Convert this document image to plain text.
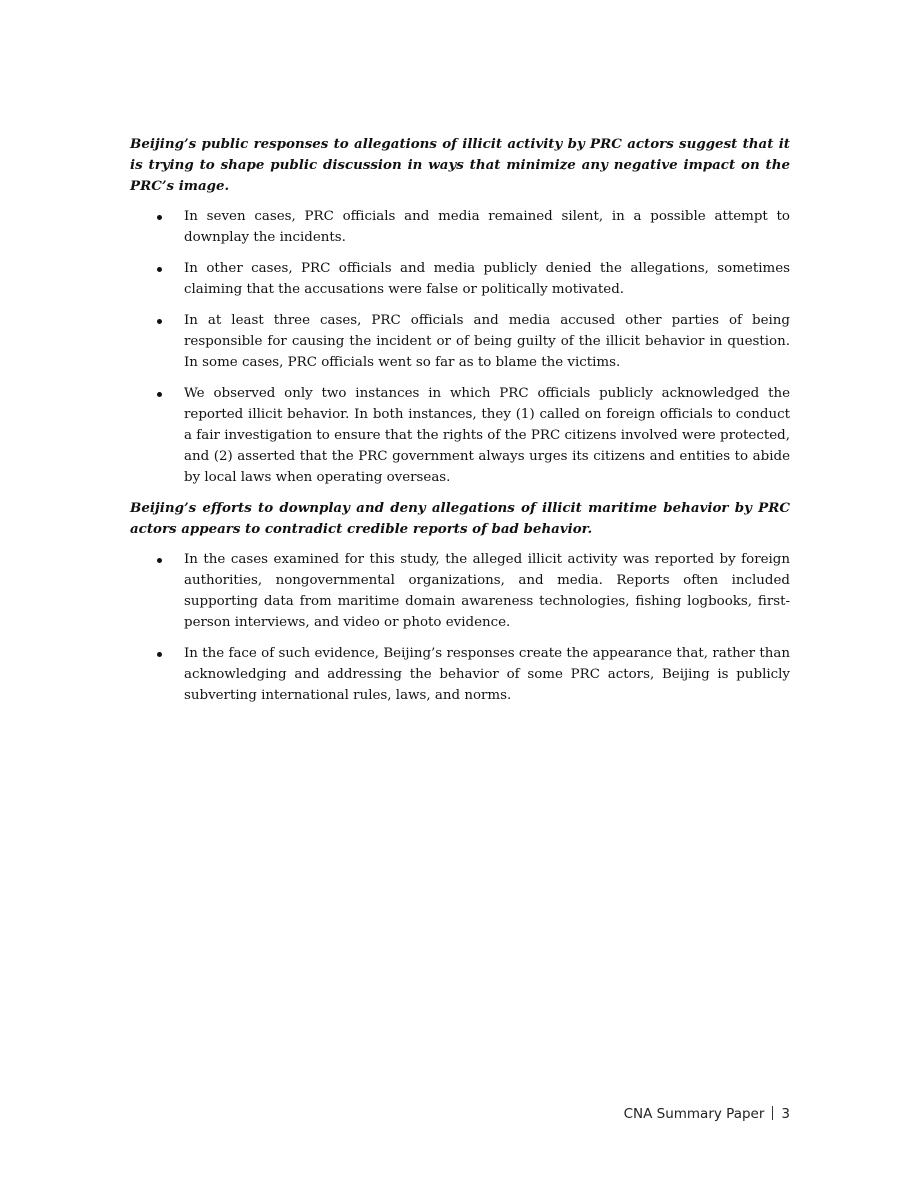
Beijing’s public responses to allegations of illicit activity by PRC actors suggest that it is trying to shape public discussion in ways that minimize any negative impact on the PRC’s image.

In seven cases, PRC officials and media remained silent, in a possible attempt to downplay the incidents.
In other cases, PRC officials and media publicly denied the allegations, sometimes claiming that the accusations were false or politically motivated.
In at least three cases, PRC officials and media accused other parties of being responsible for causing the incident or of being guilty of the illicit behavior in question. In some cases, PRC officials went so far as to blame the victims.
We observed only two instances in which PRC officials publicly acknowledged the reported illicit behavior. In both instances, they (1) called on foreign officials to conduct a fair investigation to ensure that the rights of the PRC citizens involved were protected, and (2) asserted that the PRC government always urges its citizens and entities to abide by local laws when operating overseas.

Beijing’s efforts to downplay and deny allegations of illicit maritime behavior by PRC actors appears to contradict credible reports of bad behavior.

In the cases examined for this study, the alleged illicit activity was reported by foreign authorities, nongovernmental organizations, and media. Reports often included supporting data from maritime domain awareness technologies, fishing logbooks, first-person interviews, and video or photo evidence.
In the face of such evidence, Beijing’s responses create the appearance that, rather than acknowledging and addressing the behavior of some PRC actors, Beijing is publicly subverting international rules, laws, and norms.
CNA Summary Paper 3
